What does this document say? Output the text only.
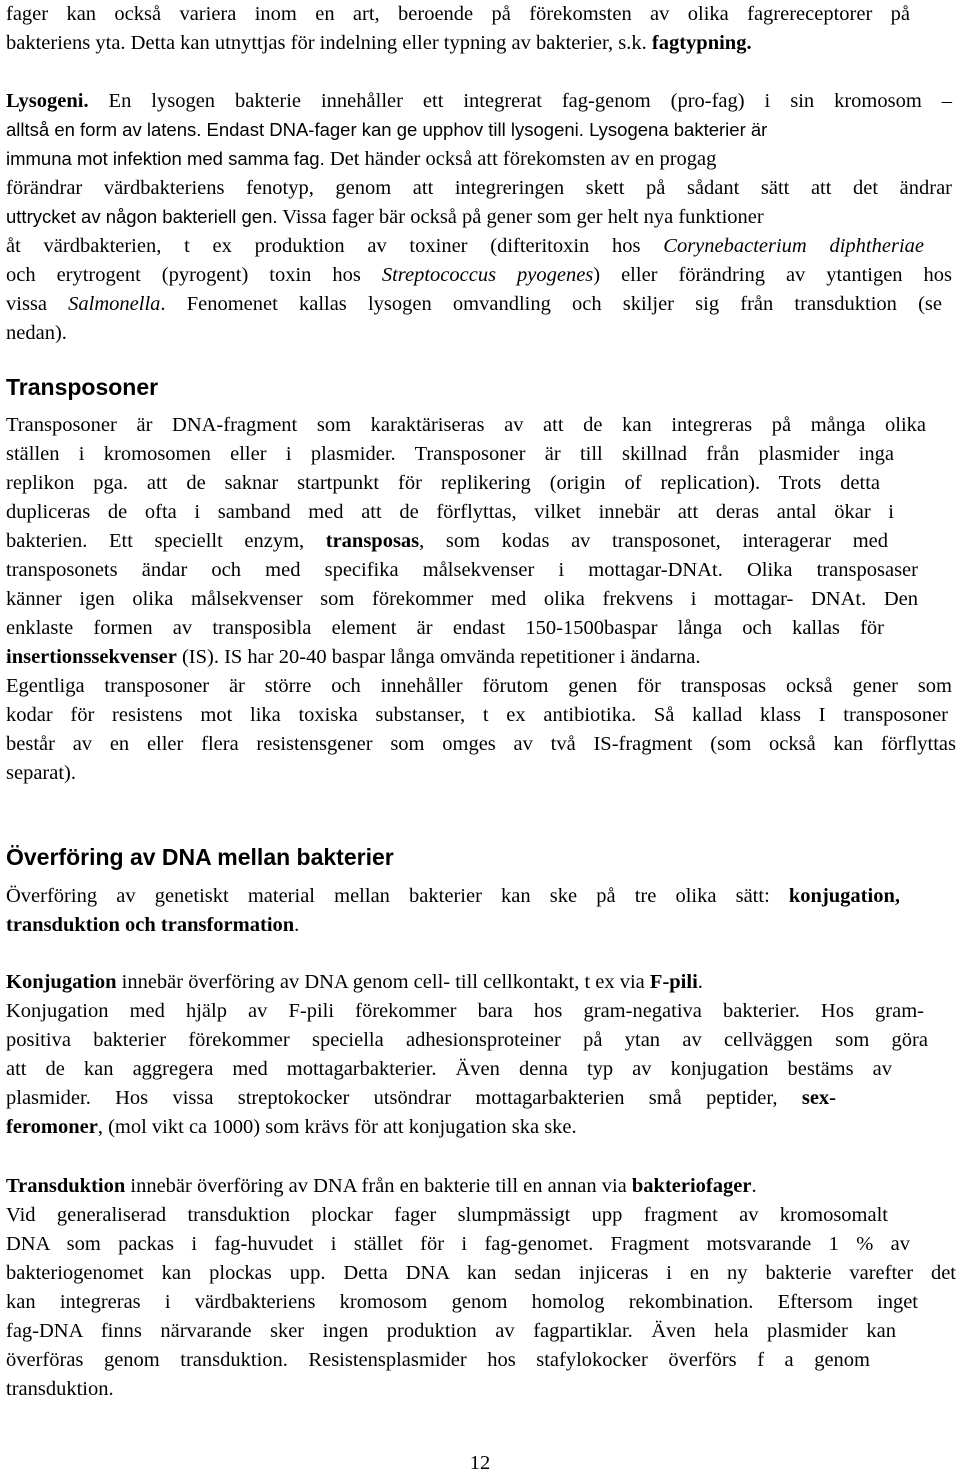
fager kan också variera inom en art, beroende på förekomsten av olika fagrereceptorer på
bakteriens yta. Detta kan utnyttjas för indelning eller typning av bakterier, s.k. fagtypning.
Lysogeni. En lysogen bakterie innehåller ett integrerat fag-genom (pro-fag) i sin kromosom –
alltså en form av latens. Endast DNA-fager kan ge upphov till lysogeni. Lysogena bakterier är
immuna mot infektion med samma fag. Det händer också att förekomsten av en progag
förändrar värdbakteriens fenotyp, genom att integreringen skett på sådant sätt att det ändrar
uttrycket av någon bakteriell gen. Vissa fager bär också på gener som ger helt nya funktioner
åt värdbakterien, t ex produktion av toxiner (difteritoxin hos Corynebacterium diphtheriae
och erytrogent (pyrogent) toxin hos Streptococcus pyogenes) eller förändring av ytantigen hos
vissa Salmonella. Fenomenet kallas lysogen omvandling och skiljer sig från transduktion (se
nedan).
Transposoner
Transposoner är DNA-fragment som karaktäriseras av att de kan integreras på många olika
ställen i kromosomen eller i plasmider. Transposoner är till skillnad från plasmider inga
replikon pga. att de saknar startpunkt för replikering (origin of replication). Trots detta
dupliceras de ofta i samband med att de förflyttas, vilket innebär att deras antal ökar i
bakterien. Ett speciellt enzym, transposas, som kodas av transposonet, interagerar med
transposonets ändar och med specifika målsekvenser i mottagar-DNAt. Olika transposaser
känner igen olika målsekvenser som förekommer med olika frekvens i mottagar- DNAt. Den
enklaste formen av transposibla element är endast 150-1500baspar långa och kallas för
insertionssekvenser (IS). IS har 20-40 baspar långa omvända repetitioner i ändarna.
Egentliga transposoner är större och innehåller förutom genen för transposas också gener som
kodar för resistens mot lika toxiska substanser, t ex antibiotika. Så kallad klass I transposoner
består av en eller flera resistensgener som omges av två IS-fragment (som också kan förflyttas
separat).
Överföring av DNA mellan bakterier
Överföring av genetiskt material mellan bakterier kan ske på tre olika sätt: konjugation,
transduktion och transformation.
Konjugation innebär överföring av DNA genom cell- till cellkontakt, t ex via F-pili.
Konjugation med hjälp av F-pili förekommer bara hos gram-negativa bakterier. Hos gram-
positiva bakterier förekommer speciella adhesionsproteiner på ytan av cellväggen som göra
att de kan aggregera med mottagarbakterier. Även denna typ av konjugation bestäms av
plasmider. Hos vissa streptokocker utsöndrar mottagarbakterien små peptider, sex-
feromoner, (mol vikt ca 1000) som krävs för att konjugation ska ske.
Transduktion innebär överföring av DNA från en bakterie till en annan via bakteriofager.
Vid generaliserad transduktion plockar fager slumpmässigt upp fragment av kromosomalt
DNA som packas i fag-huvudet i stället för i fag-genomet. Fragment motsvarande 1 % av
bakteriogenomet kan plockas upp. Detta DNA kan sedan injiceras i en ny bakterie varefter det
kan integreras i värdbakteriens kromosom genom homolog rekombination. Eftersom inget
fag-DNA finns närvarande sker ingen produktion av fagpartiklar. Även hela plasmider kan
överföras genom transduktion. Resistensplasmider hos stafylokocker överförs f a genom
transduktion.
12
